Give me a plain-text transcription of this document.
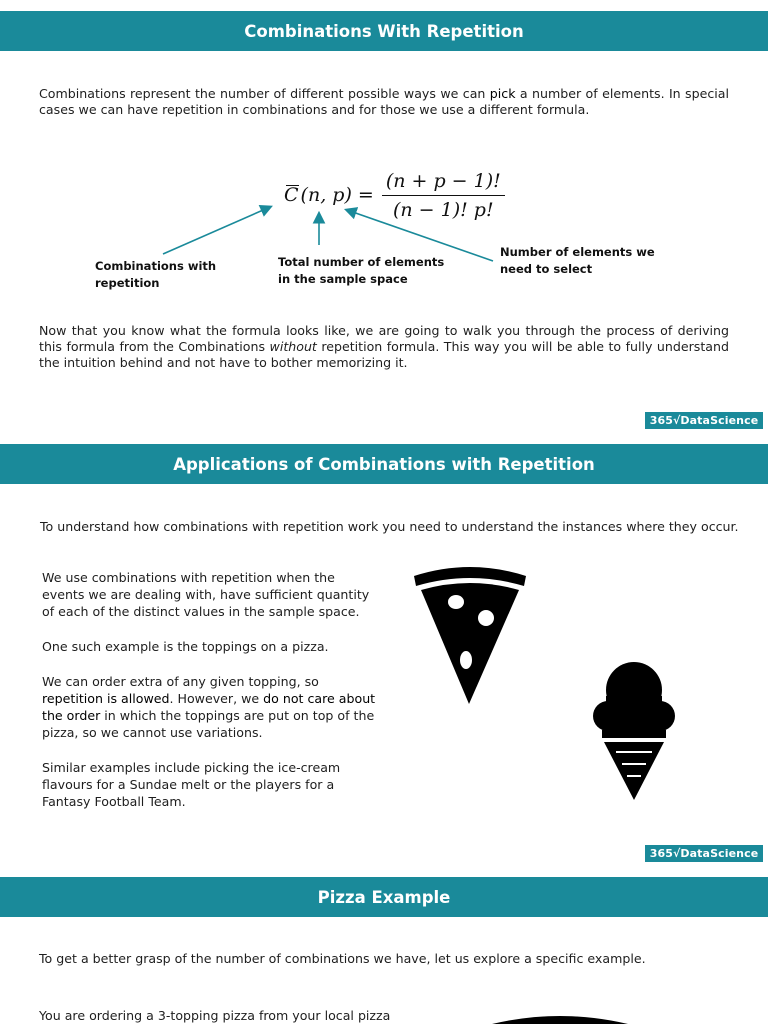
Combinations With Repetition
Combinations represent the number of different possible ways we can pick a number of elements. In special cases we can have repetition in combinations and for those we use a different formula.
C (n, $p) = \frac{(n + p - 1)!}{(n - 1)! p!}$
Combinations with
repetition
Total number of elements
in the sample space
Number of elements we
need to select
Now that you know what the formula looks like, we are going to walk you through the process of deriving this formula from the Combinations without repetition formula. This way you will be able to fully understand the intuition behind and not have to bother memorizing it.
365√DataScience
Applications of Combinations with Repetition
To understand how combinations with repetition work you need to understand the instances where they occur.
We use combinations with repetition when the events we are dealing with, have sufficient quantity of each of the distinct values in the sample space.
One such example is the toppings on a pizza.
We can order extra of any given topping, so repetition is allowed. However, we do not care about the order in which the toppings are put on top of the pizza, so we cannot use variations.
Similar examples include picking the ice-cream flavours for a Sundae melt or the players for a Fantasy Football Team.
365√DataScience
Pizza Example
To get a better grasp of the number of combinations we have, let us explore a specific example.
You are ordering a 3-topping pizza from your local pizza
